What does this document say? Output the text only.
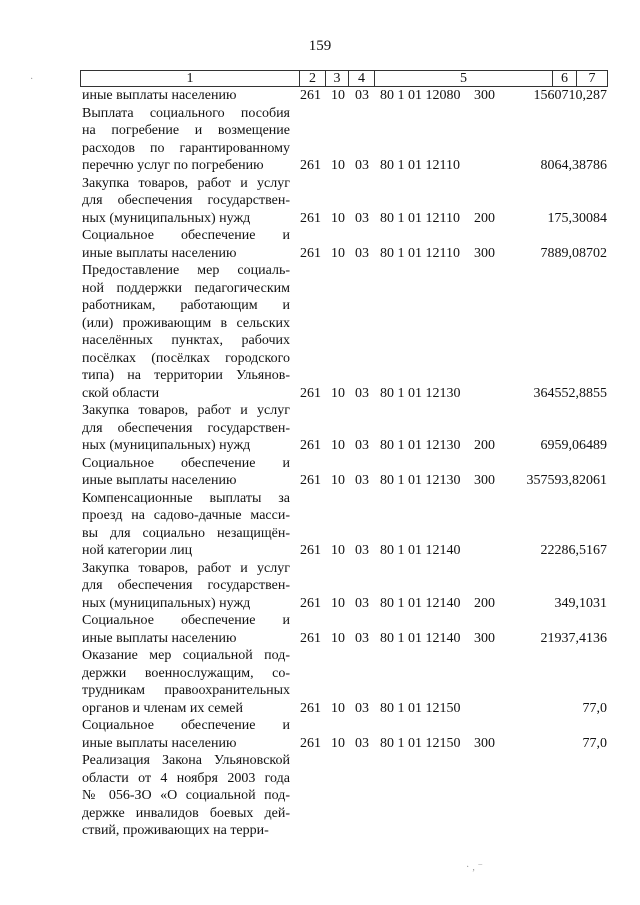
159
1	2	3	4	5	6	7
иные выплаты населению	261 10 03 80 1 01 12080 300	1560710,287
Выплата социального пособия
на погребение и возмещение
расходов по гарантированному
перечню услуг по погребению	261 10 03 80 1 01 12110	8064,38786
Закупка товаров, работ и услуг
для обеспечения государствен-
ных (муниципальных) нужд	261 10 03 80 1 01 12110 200	175,30084
Социальное обеспечение и
иные выплаты населению	261 10 03 80 1 01 12110 300	7889,08702
Предоставление мер социаль-
ной поддержки педагогическим
работникам, работающим и
(или) проживающим в сельских
населённых пунктах, рабочих
посёлках (посёлках городского
типа) на территории Ульянов-
ской области	261 10 03 80 1 01 12130	364552,8855
Закупка товаров, работ и услуг
для обеспечения государствен-
ных (муниципальных) нужд	261 10 03 80 1 01 12130 200	6959,06489
Социальное обеспечение и
иные выплаты населению	261 10 03 80 1 01 12130 300 357593,82061
Компенсационные выплаты за
проезд на садово-дачные масси-
вы для социально незащищён-
ной категории лиц	261 10 03 80 1 01 12140	22286,5167
Закупка товаров, работ и услуг
для обеспечения государствен-
ных (муниципальных) нужд	261 10 03 80 1 01 12140 200	349,1031
Социальное обеспечение и
иные выплаты населению	261 10 03 80 1 01 12140 300	21937,4136
Оказание мер социальной под-
держки военнослужащим, со-
трудникам правоохранительных
органов и членам их семей	261 10 03 80 1 01 12150	77,0
Социальное обеспечение и
иные выплаты населению	261 10 03 80 1 01 12150 300	77,0
Реализация Закона Ульяновской
области от 4 ноября 2003 года
№ 056-ЗО «О социальной под-
держке инвалидов боевых дей-
ствий, проживающих на терри-
·
· ‚ ⁻
